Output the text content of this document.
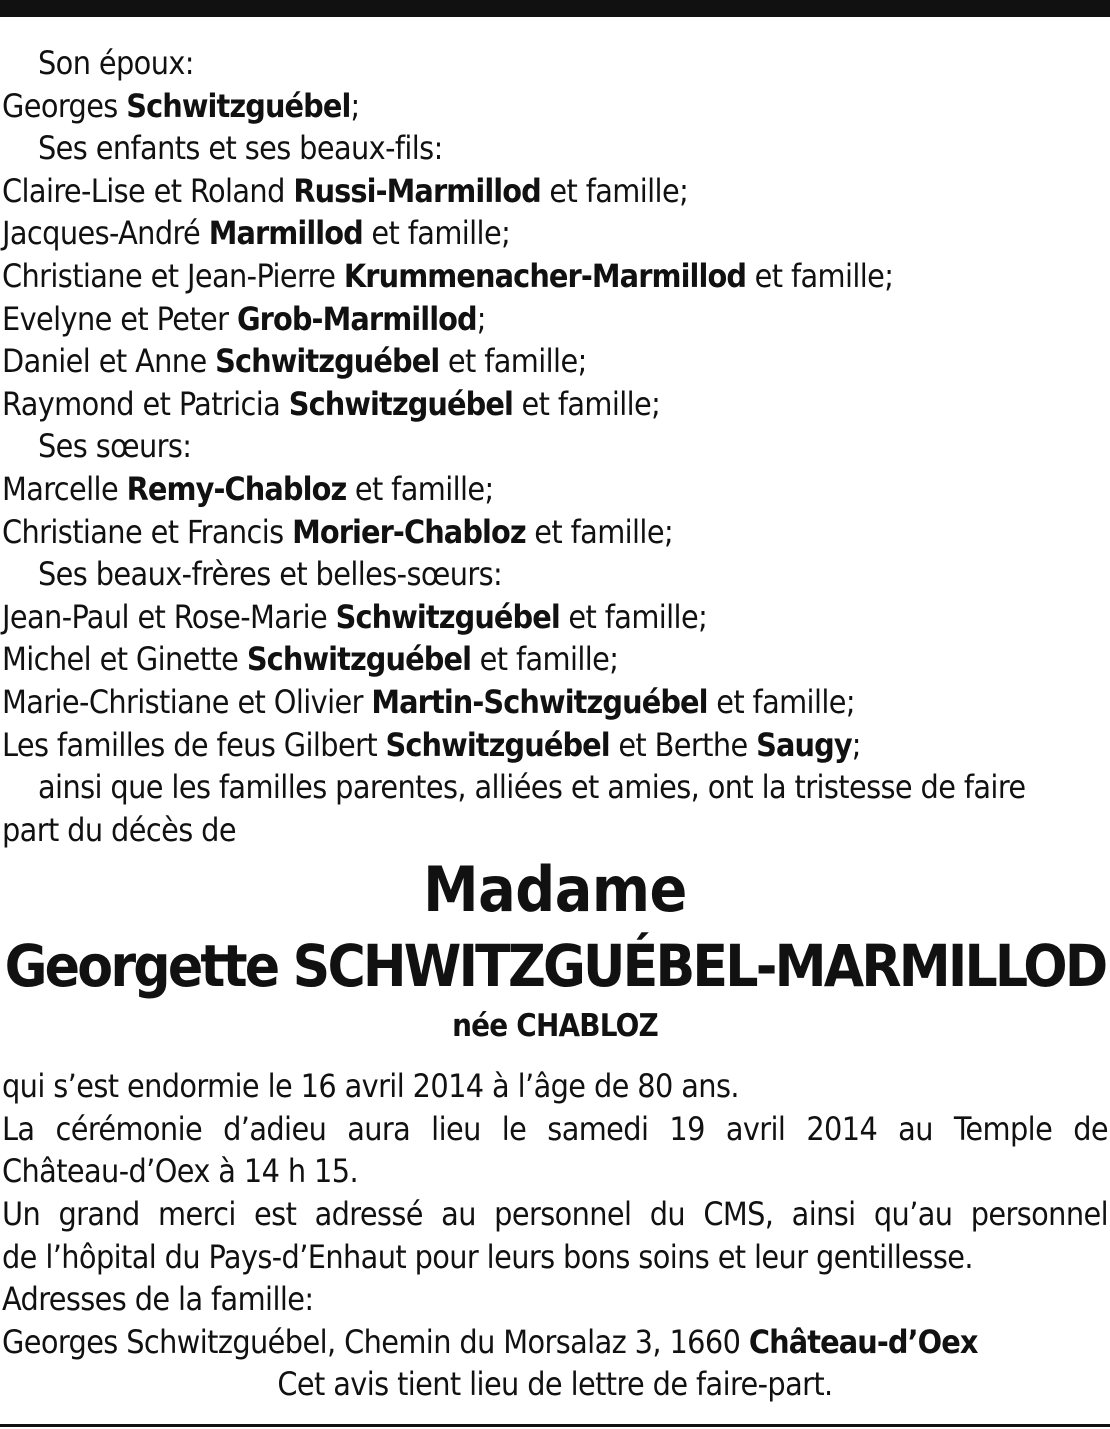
Son époux:
Georges Schwitzguébel;
Ses enfants et ses beaux-fils:
Claire-Lise et Roland Russi-Marmillod et famille;
Jacques-André Marmillod et famille;
Christiane et Jean-Pierre Krummenacher-Marmillod et famille;
Evelyne et Peter Grob-Marmillod;
Daniel et Anne Schwitzguébel et famille;
Raymond et Patricia Schwitzguébel et famille;
Ses sœurs:
Marcelle Remy-Chabloz et famille;
Christiane et Francis Morier-Chabloz et famille;
Ses beaux-frères et belles-sœurs:
Jean-Paul et Rose-Marie Schwitzguébel et famille;
Michel et Ginette Schwitzguébel et famille;
Marie-Christiane et Olivier Martin-Schwitzguébel et famille;
Les familles de feus Gilbert Schwitzguébel et Berthe Saugy;
ainsi que les familles parentes, alliées et amies, ont la tristesse de faire
part du décès de
Madame
Georgette SCHWITZGUÉBEL-MARMILLOD
née CHABLOZ
qui s’est endormie le 16 avril 2014 à l’âge de 80 ans.
La cérémonie d’adieu aura lieu le samedi 19 avril 2014 au Temple de
Château-d’Oex à 14 h 15.
Un grand merci est adressé au personnel du CMS, ainsi qu’au personnel
de l’hôpital du Pays-d’Enhaut pour leurs bons soins et leur gentillesse.
Adresses de la famille:
Georges Schwitzguébel, Chemin du Morsalaz 3, 1660 Château-d’Oex
Cet avis tient lieu de lettre de faire-part.
